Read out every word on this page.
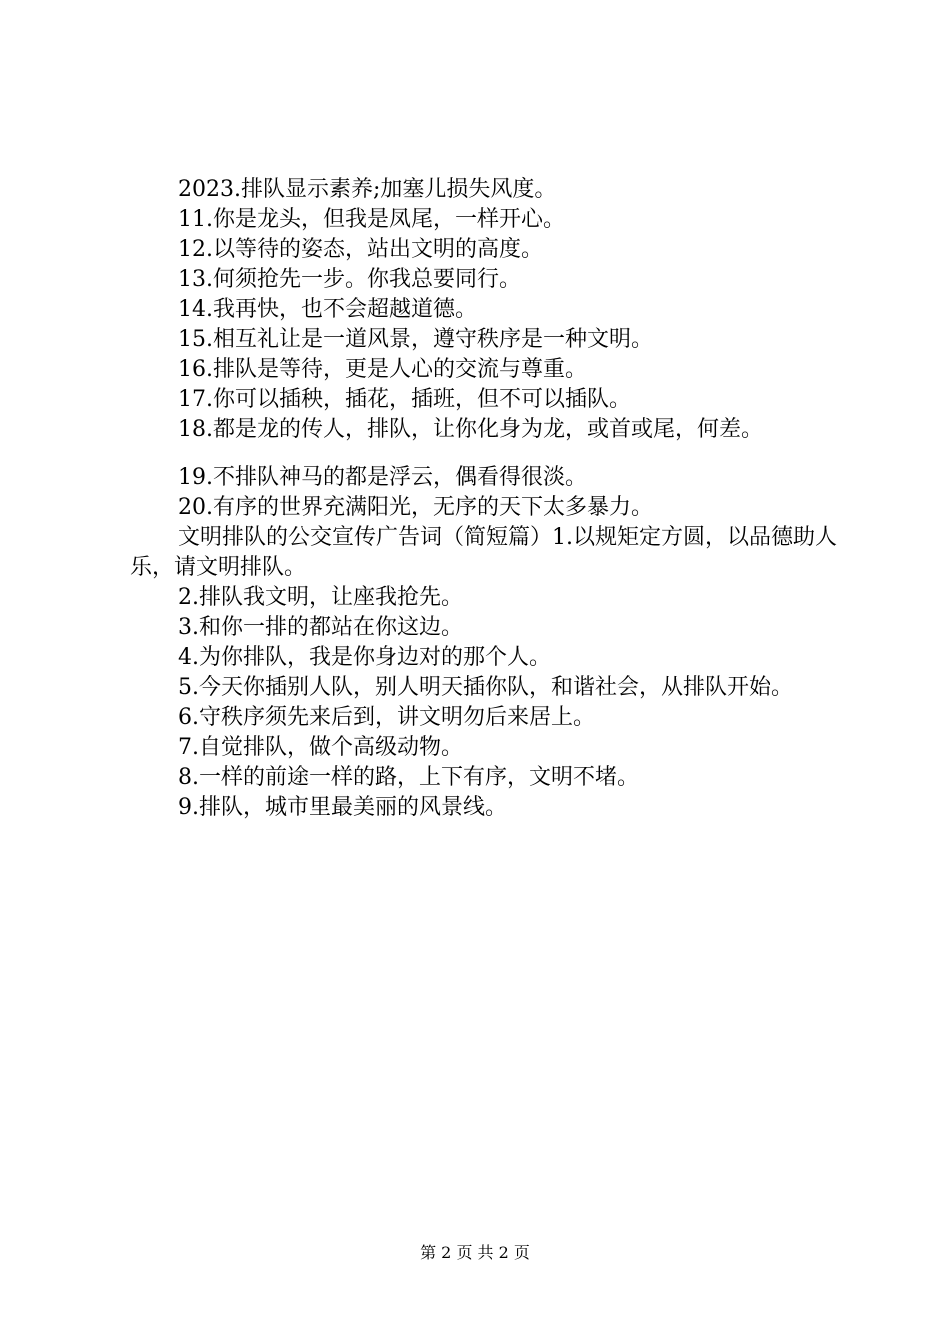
2023.排队显示素养;加塞儿损失风度。

11.你是龙头，但我是凤尾，一样开心。

12.以等待的姿态，站出文明的高度。

13.何须抢先一步。你我总要同行。

14.我再快，也不会超越道德。

15.相互礼让是一道风景，遵守秩序是一种文明。

16.排队是等待，更是人心的交流与尊重。

17.你可以插秧，插花，插班，但不可以插队。

18.都是龙的传人，排队，让你化身为龙，或首或尾，何差。

19.不排队神马的都是浮云，偶看得很淡。

20.有序的世界充满阳光，无序的天下太多暴力。

文明排队的公交宣传广告词（简短篇）1.以规矩定方圆，以品德助人乐，请文明排队。

2.排队我文明，让座我抢先。

3.和你一排的都站在你这边。

4.为你排队，我是你身边对的那个人。

5.今天你插别人队，别人明天插你队，和谐社会，从排队开始。

6.守秩序须先来后到，讲文明勿后来居上。

7.自觉排队，做个高级动物。

8.一样的前途一样的路，上下有序，文明不堵。

9.排队，城市里最美丽的风景线。

第 2 页 共 2 页
